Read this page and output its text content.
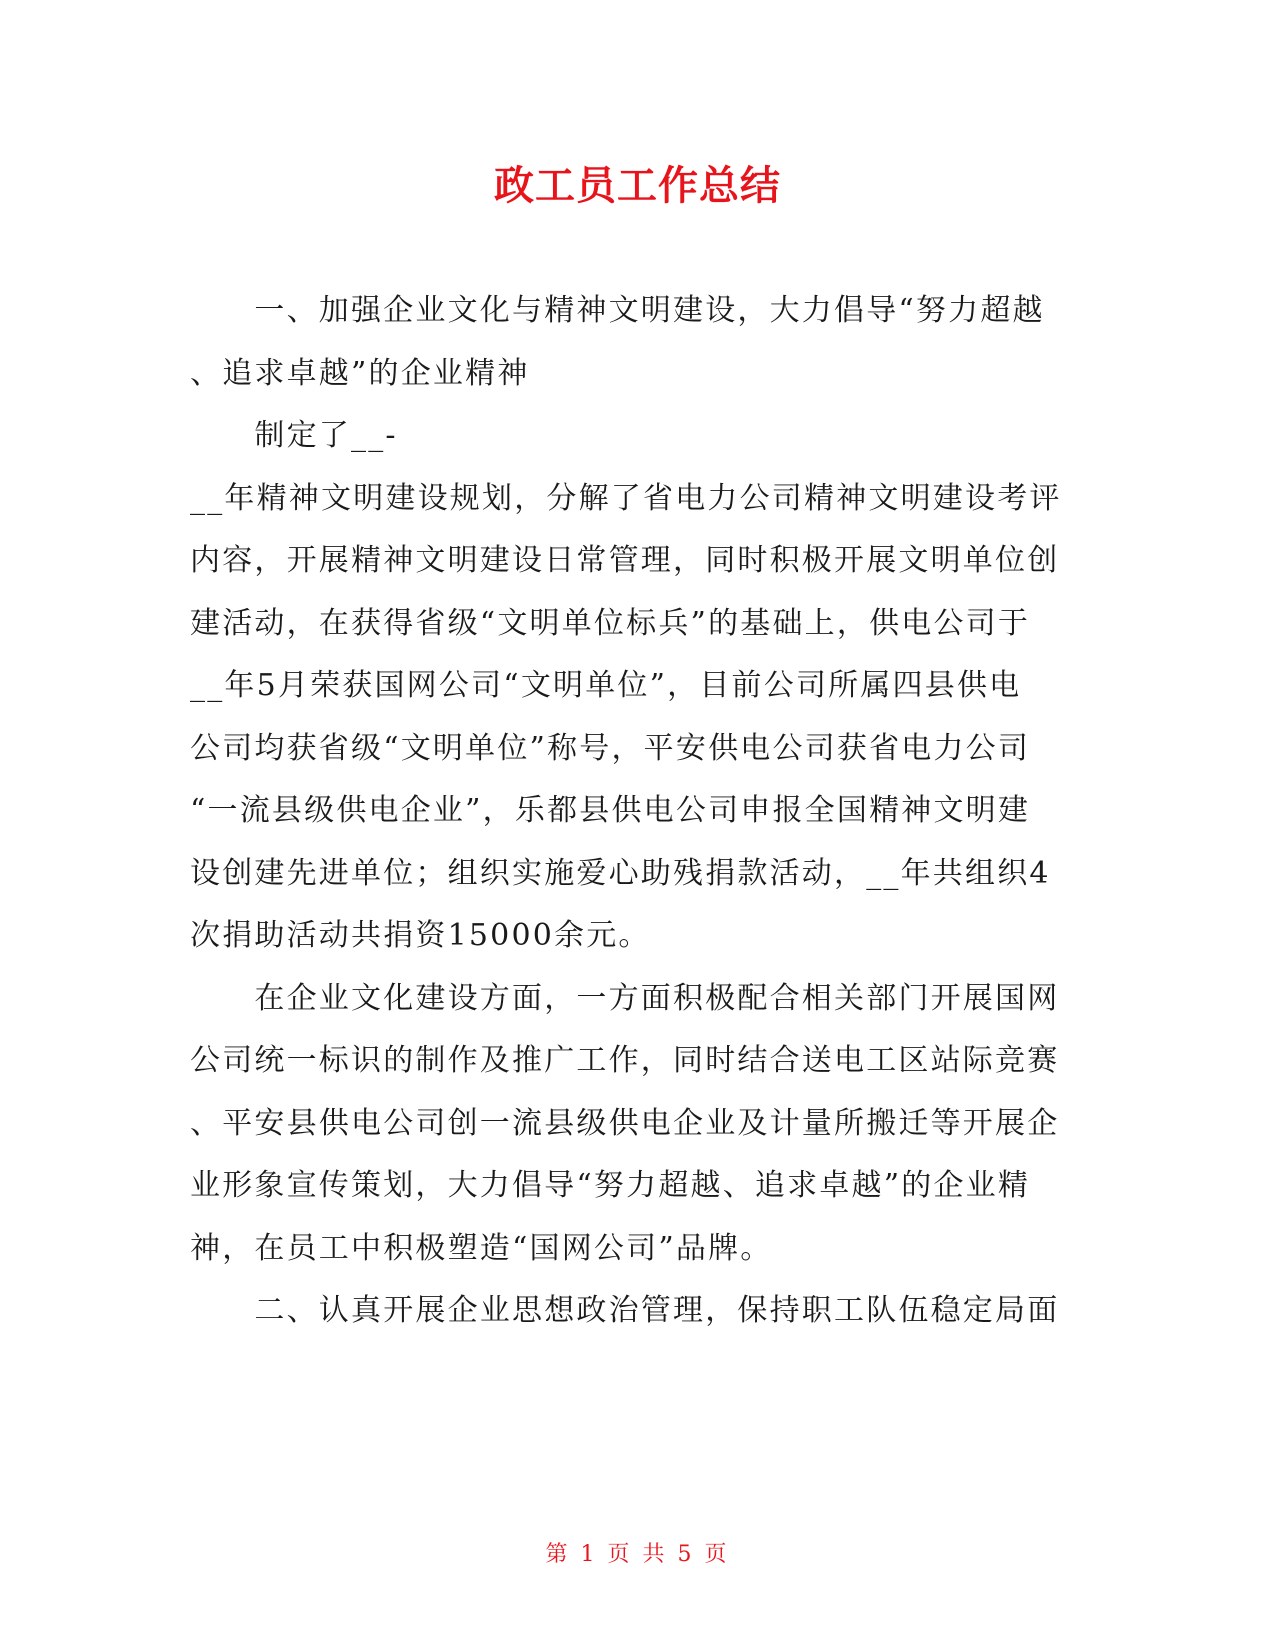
政工员工作总结

　　一、加强企业文化与精神文明建设，大力倡导“努力超越
、追求卓越”的企业精神

　　制定了__-
__年精神文明建设规划，分解了省电力公司精神文明建设考评
内容，开展精神文明建设日常管理，同时积极开展文明单位创
建活动，在获得省级“文明单位标兵”的基础上，供电公司于
__年5月荣获国网公司“文明单位”，目前公司所属四县供电
公司均获省级“文明单位”称号，平安供电公司获省电力公司
“一流县级供电企业”，乐都县供电公司申报全国精神文明建
设创建先进单位；组织实施爱心助残捐款活动，__年共组织4
次捐助活动共捐资15000余元。

　　在企业文化建设方面，一方面积极配合相关部门开展国网
公司统一标识的制作及推广工作，同时结合送电工区站际竞赛
、平安县供电公司创一流县级供电企业及计量所搬迁等开展企
业形象宣传策划，大力倡导“努力超越、追求卓越”的企业精
神，在员工中积极塑造“国网公司”品牌。

　　二、认真开展企业思想政治管理，保持职工队伍稳定局面

第 1 页 共 5 页
